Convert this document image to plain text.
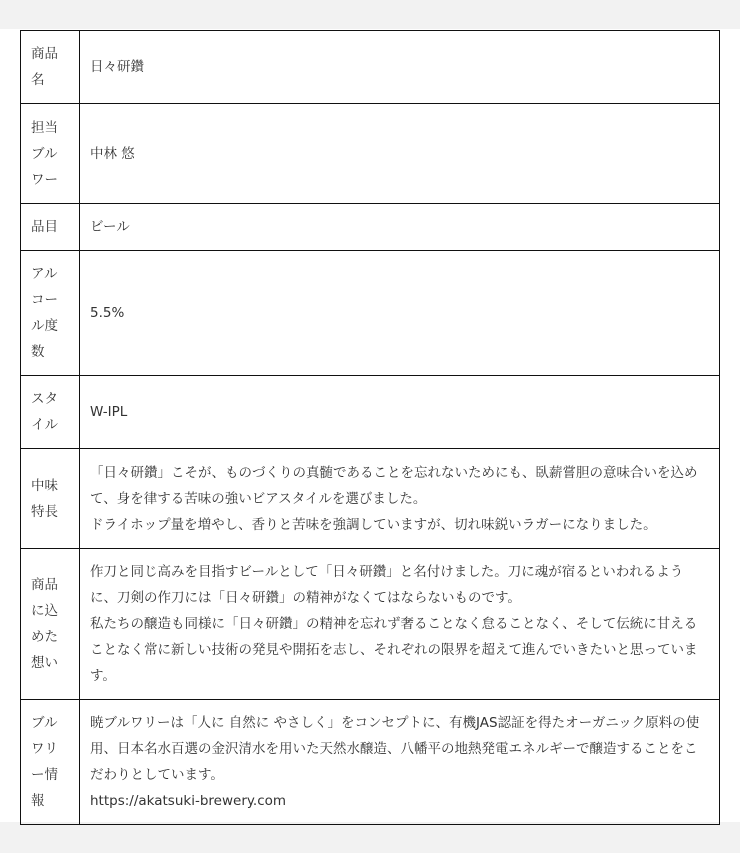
商品
名	日々研鑽

担当
ブル
ワー	中林 悠

品目	ビール

アル
コー
ル度
数	5.5%

スタ
イル	W-IPL

中味
特長	「日々研鑽」こそが、ものづくりの真髄であることを忘れないためにも、臥薪嘗胆の意味合いを込めて、身を律する苦味の強いビアスタイルを選びました。
ドライホップ量を増やし、香りと苦味を強調していますが、切れ味鋭いラガーになりました。

商品
に込
めた
想い	作刀と同じ高みを目指すビールとして「日々研鑽」と名付けました。刀に魂が宿るといわれるように、刀剣の作刀には「日々研鑽」の精神がなくてはならないものです。
私たちの醸造も同様に「日々研鑽」の精神を忘れず奢ることなく怠ることなく、そして伝統に甘えることなく常に新しい技術の発見や開拓を志し、それぞれの限界を超えて進んでいきたいと思っています。

ブル
ワリ
ー情
報	暁ブルワリーは「人に 自然に やさしく」をコンセプトに、有機JAS認証を得たオーガニック原料の使用、日本名水百選の金沢清水を用いた天然水醸造、八幡平の地熱発電エネルギーで醸造することをこだわりとしています。
https://akatsuki-brewery.com
